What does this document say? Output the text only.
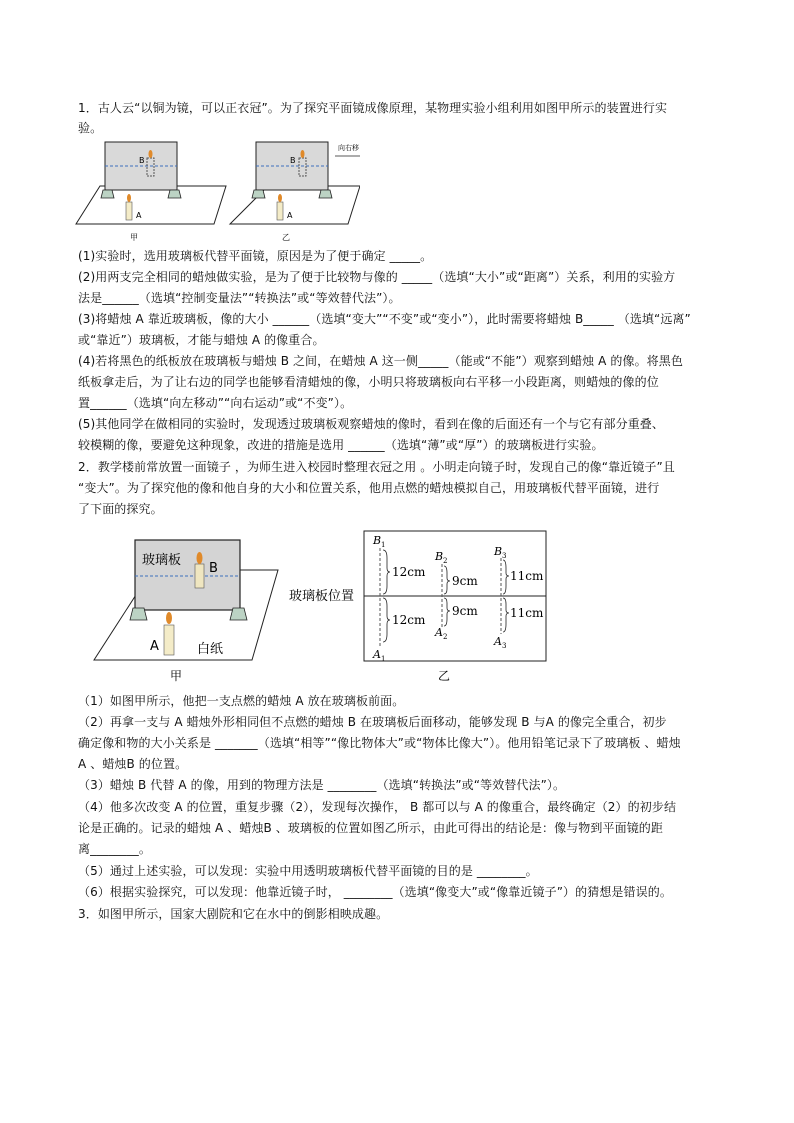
1．古人云“以铜为镜，可以正衣冠”。为了探究平面镜成像原理，某物理实验小组利用如图甲所示的装置进行实
验。
B
A
甲
B
A
向右移
乙
(1)实验时，选用玻璃板代替平面镜，原因是为了便于确定 _____。
(2)用两支完全相同的蜡烛做实验，是为了便于比较物与像的 _____（选填“大小”或“距离”）关系，利用的实验方
法是______（选填“控制变量法”“转换法”或“等效替代法”）。
(3)将蜡烛 A 靠近玻璃板，像的大小 ______（选填“变大”“不变”或“变小”），此时需要将蜡烛 B_____ （选填“远离”
或“靠近”）玻璃板，才能与蜡烛 A 的像重合。
(4)若将黑色的纸板放在玻璃板与蜡烛 B 之间，在蜡烛 A 这一侧_____（能或“不能”）观察到蜡烛 A 的像。将黑色
纸板拿走后，为了让右边的同学也能够看清蜡烛的像，小明只将玻璃板向右平移一小段距离，则蜡烛的像的位
置______（选填“向左移动”“向右运动”或“不变”）。
(5)其他同学在做相同的实验时，发现透过玻璃板观察蜡烛的像时，看到在像的后面还有一个与它有部分重叠、
较模糊的像，要避免这种现象，改进的措施是选用 ______（选填“薄”或“厚”）的玻璃板进行实验。
2．教学楼前常放置一面镜子 ，为师生进入校园时整理衣冠之用 。小明走向镜子时，发现自己的像“靠近镜子”且
“变大”。为了探究他的像和他自身的大小和位置关系，他用点燃的蜡烛模拟自己，用玻璃板代替平面镜，进行
了下面的探究。
玻璃板
B
A	白纸
甲
玻璃板位置
B 1
A 1
12cm
12cm
B 2
A 2
9cm
9cm
B 3
A 3
11cm
11cm
乙
（1）如图甲所示，他把一支点燃的蜡烛 A 放在玻璃板前面。
（2）再拿一支与 A 蜡烛外形相同但不点燃的蜡烛 B 在玻璃板后面移动，能够发现 B 与A 的像完全重合，初步
确定像和物的大小关系是 _______（选填“相等”“像比物体大”或“物体比像大”）。他用铅笔记录下了玻璃板 、蜡烛
A 、蜡烛B 的位置。
（3）蜡烛 B 代替 A 的像，用到的物理方法是 ________（选填“转换法”或“等效替代法”）。
（4）他多次改变 A 的位置，重复步骤（2），发现每次操作， B 都可以与 A 的像重合，最终确定（2）的初步结
论是正确的。记录的蜡烛 A 、蜡烛B 、玻璃板的位置如图乙所示，由此可得出的结论是：像与物到平面镜的距
离________。
（5）通过上述实验，可以发现：实验中用透明玻璃板代替平面镜的目的是 ________。
（6）根据实验探究，可以发现：他靠近镜子时， ________（选填“像变大”或“像靠近镜子”）的猜想是错误的。
3．如图甲所示，国家大剧院和它在水中的倒影相映成趣。
